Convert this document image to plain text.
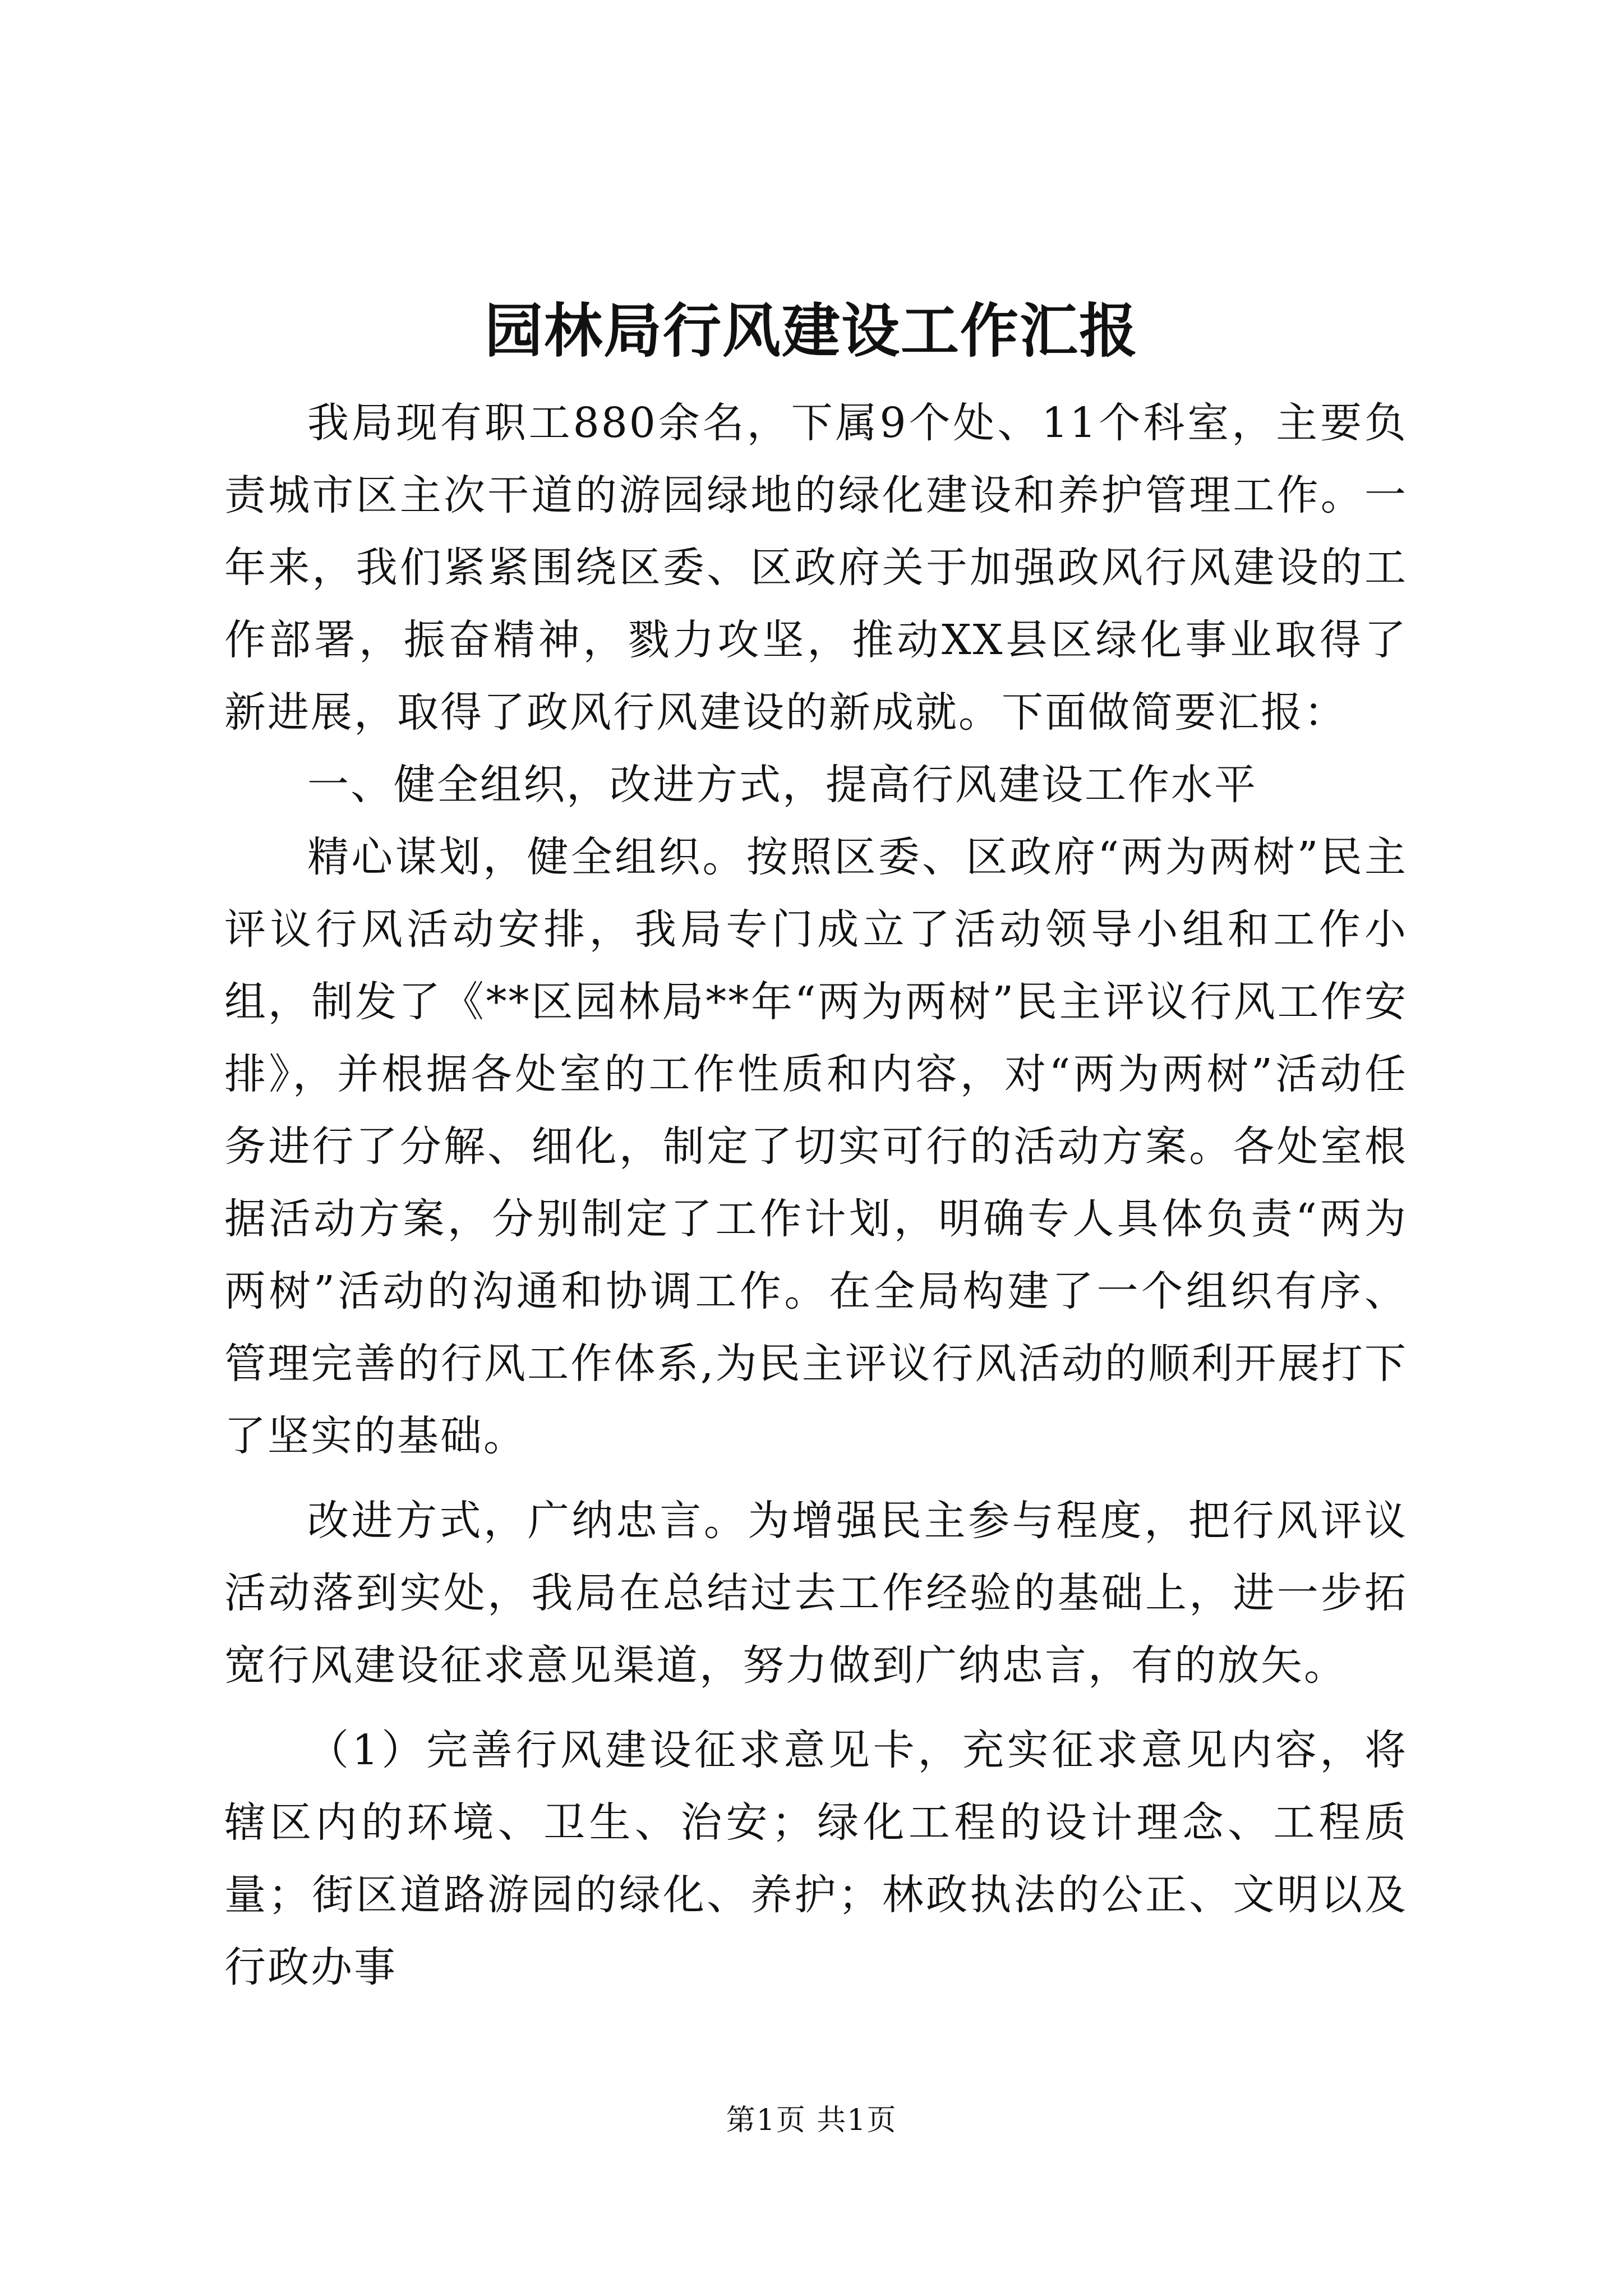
园林局行风建设工作汇报

我局现有职工880余名，下属9个处、11个科室，主要负责城市区主次干道的游园绿地的绿化建设和养护管理工作。一年来，我们紧紧围绕区委、区政府关于加强政风行风建设的工作部署，振奋精神，戮力攻坚，推动XX县区绿化事业取得了新进展，取得了政风行风建设的新成就。下面做简要汇报：

一、健全组织，改进方式，提高行风建设工作水平

精心谋划，健全组织。按照区委、区政府“两为两树”民主评议行风活动安排，我局专门成立了活动领导小组和工作小组，制发了《**区园林局**年“两为两树”民主评议行风工作安排》，并根据各处室的工作性质和内容，对“两为两树”活动任务进行了分解、细化，制定了切实可行的活动方案。各处室根据活动方案，分别制定了工作计划，明确专人具体负责“两为两树”活动的沟通和协调工作。在全局构建了一个组织有序、管理完善的行风工作体系,为民主评议行风活动的顺利开展打下了坚实的基础。

改进方式，广纳忠言。为增强民主参与程度，把行风评议活动落到实处，我局在总结过去工作经验的基础上，进一步拓宽行风建设征求意见渠道，努力做到广纳忠言，有的放矢。

（1）完善行风建设征求意见卡，充实征求意见内容，将辖区内的环境、卫生、治安；绿化工程的设计理念、工程质量；街区道路游园的绿化、养护；林政执法的公正、文明以及行政办事

第1页 共1页
